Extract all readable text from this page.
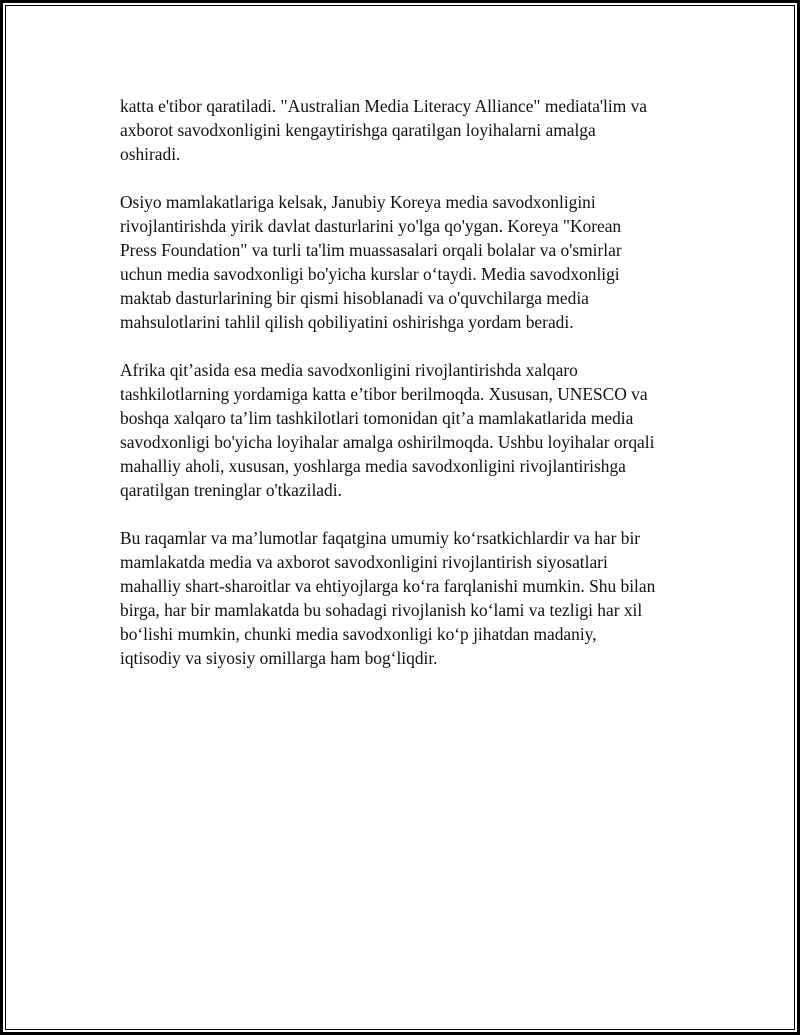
katta e'tibor qaratiladi. "Australian Media Literacy Alliance" mediata'lim va
axborot savodxonligini kengaytirishga qaratilgan loyihalarni amalga
oshiradi.

Osiyo mamlakatlariga kelsak, Janubiy Koreya media savodxonligini
rivojlantirishda yirik davlat dasturlarini yo'lga qo'ygan. Koreya "Korean
Press Foundation" va turli ta'lim muassasalari orqali bolalar va o'smirlar
uchun media savodxonligi bo'yicha kurslar o‘taydi. Media savodxonligi
maktab dasturlarining bir qismi hisoblanadi va o'quvchilarga media
mahsulotlarini tahlil qilish qobiliyatini oshirishga yordam beradi.

Afrika qit’asida esa media savodxonligini rivojlantirishda xalqaro
tashkilotlarning yordamiga katta e’tibor berilmoqda. Xususan, UNESCO va
boshqa xalqaro ta’lim tashkilotlari tomonidan qit’a mamlakatlarida media
savodxonligi bo'yicha loyihalar amalga oshirilmoqda. Ushbu loyihalar orqali
mahalliy aholi, xususan, yoshlarga media savodxonligini rivojlantirishga
qaratilgan treninglar o'tkaziladi.

Bu raqamlar va ma’lumotlar faqatgina umumiy ko‘rsatkichlardir va har bir
mamlakatda media va axborot savodxonligini rivojlantirish siyosatlari
mahalliy shart-sharoitlar va ehtiyojlarga ko‘ra farqlanishi mumkin. Shu bilan
birga, har bir mamlakatda bu sohadagi rivojlanish ko‘lami va tezligi har xil
bo‘lishi mumkin, chunki media savodxonligi ko‘p jihatdan madaniy,
iqtisodiy va siyosiy omillarga ham bog‘liqdir.
